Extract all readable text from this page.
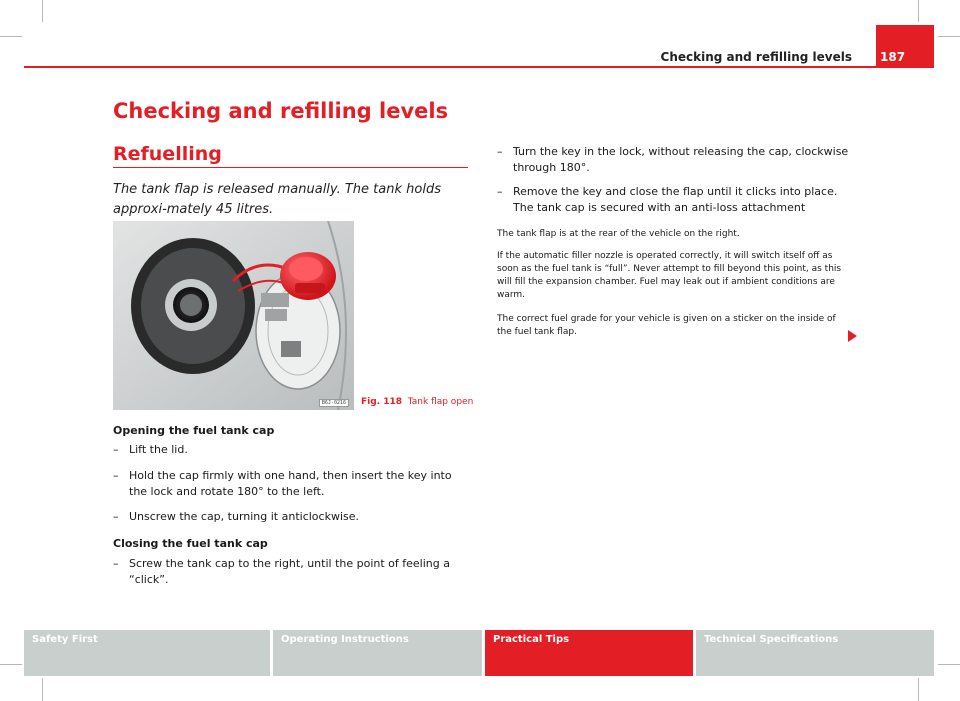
Checking and refilling levels 187
Checking and refilling levels
Refuelling
The tank flap is released manually. The tank holds approxi-mately 45 litres.
B6J-0216	Fig. 118 Tank flap open
Opening the fuel tank cap
– Lift the lid.
– Hold the cap firmly with one hand, then insert the key into the lock and rotate 180° to the left.
– Unscrew the cap, turning it anticlockwise.
Closing the fuel tank cap
– Screw the tank cap to the right, until the point of feeling a “click”.
– Turn the key in the lock, without releasing the cap, clockwise through 180°.
– Remove the key and close the flap until it clicks into place. The tank cap is secured with an anti-loss attachment
The tank flap is at the rear of the vehicle on the right.
If the automatic filler nozzle is operated correctly, it will switch itself off as soon as the fuel tank is “full”. Never attempt to fill beyond this point, as this will fill the expansion chamber. Fuel may leak out if ambient conditions are warm.
The correct fuel grade for your vehicle is given on a sticker on the inside of the fuel tank flap.
Safety First	Operating Instructions	Practical Tips	Technical Specifications
